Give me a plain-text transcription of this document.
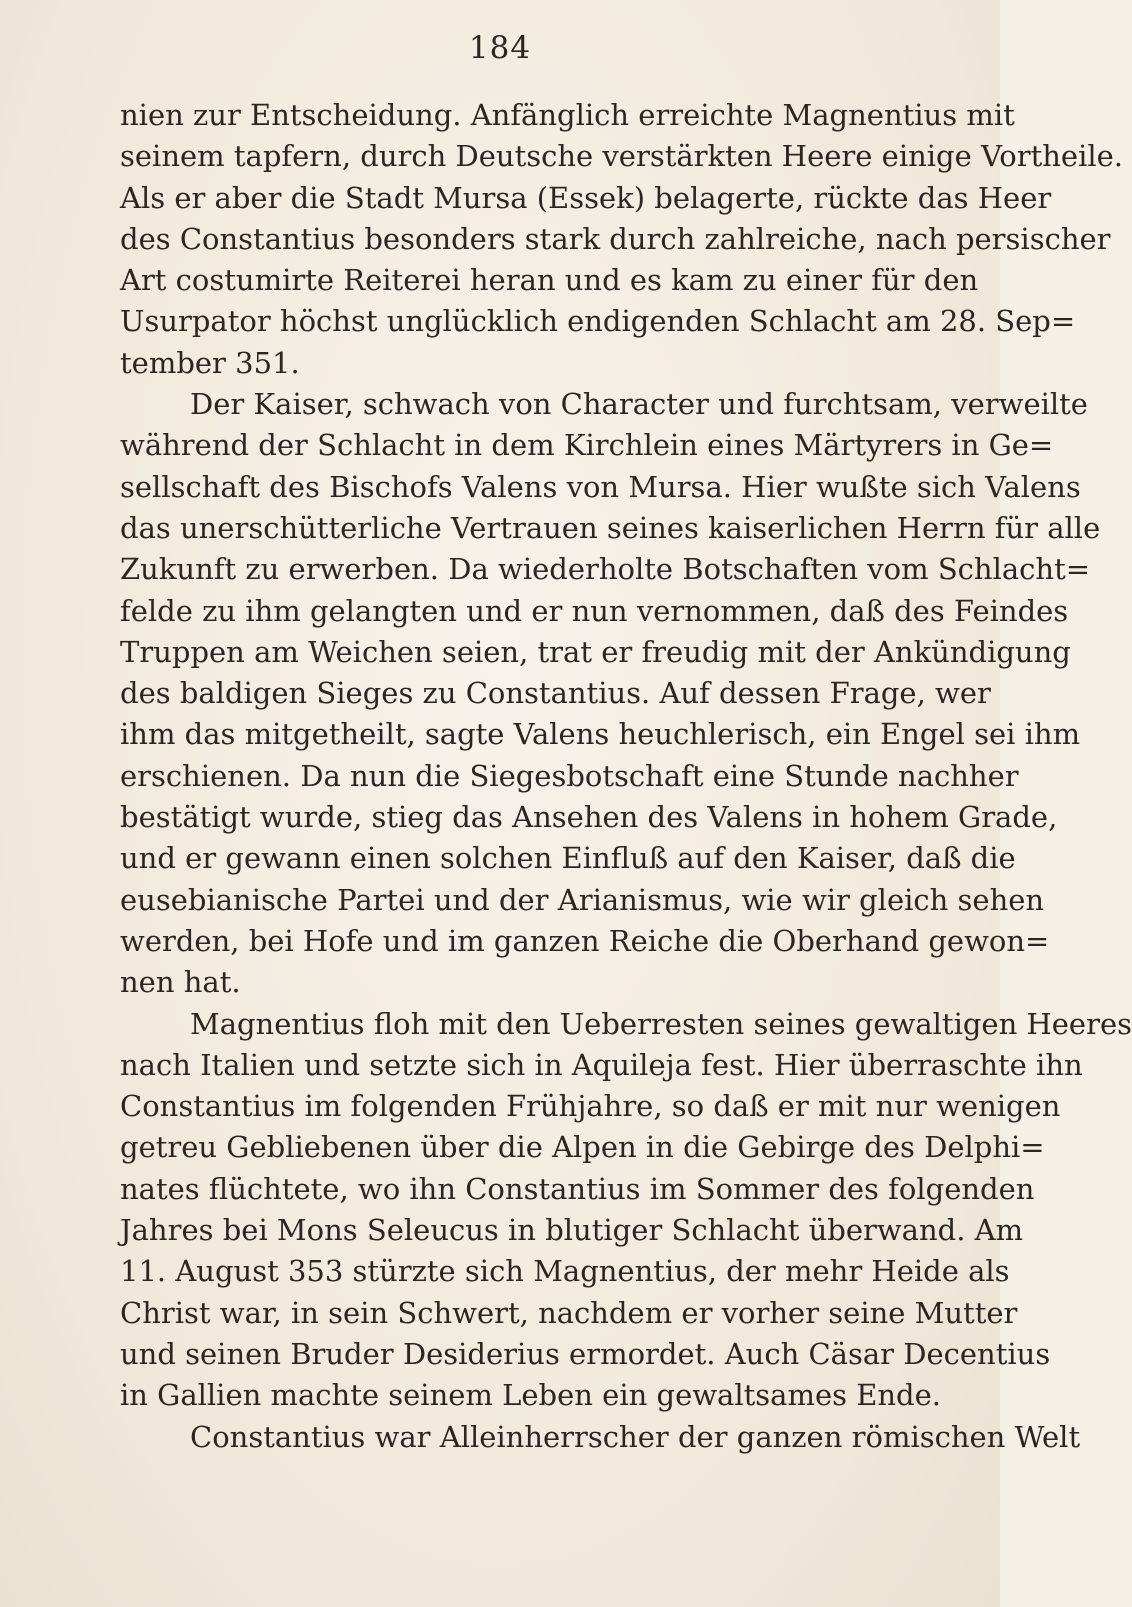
184
nien zur Entscheidung. Anfänglich erreichte Magnentius mit
seinem tapfern, durch Deutsche verstärkten Heere einige Vortheile.
Als er aber die Stadt Mursa (Essek) belagerte, rückte das Heer
des Constantius besonders stark durch zahlreiche, nach persischer
Art costumirte Reiterei heran und es kam zu einer für den
Usurpator höchst unglücklich endigenden Schlacht am 28. Sep=
tember 351.
Der Kaiser, schwach von Character und furchtsam, verweilte
während der Schlacht in dem Kirchlein eines Märtyrers in Ge=
sellschaft des Bischofs Valens von Mursa. Hier wußte sich Valens
das unerschütterliche Vertrauen seines kaiserlichen Herrn für alle
Zukunft zu erwerben. Da wiederholte Botschaften vom Schlacht=
felde zu ihm gelangten und er nun vernommen, daß des Feindes
Truppen am Weichen seien, trat er freudig mit der Ankündigung
des baldigen Sieges zu Constantius. Auf dessen Frage, wer
ihm das mitgetheilt, sagte Valens heuchlerisch, ein Engel sei ihm
erschienen. Da nun die Siegesbotschaft eine Stunde nachher
bestätigt wurde, stieg das Ansehen des Valens in hohem Grade,
und er gewann einen solchen Einfluß auf den Kaiser, daß die
eusebianische Partei und der Arianismus, wie wir gleich sehen
werden, bei Hofe und im ganzen Reiche die Oberhand gewon=
nen hat.
Magnentius floh mit den Ueberresten seines gewaltigen Heeres
nach Italien und setzte sich in Aquileja fest. Hier überraschte ihn
Constantius im folgenden Frühjahre, so daß er mit nur wenigen
getreu Gebliebenen über die Alpen in die Gebirge des Delphi=
nates flüchtete, wo ihn Constantius im Sommer des folgenden
Jahres bei Mons Seleucus in blutiger Schlacht überwand. Am
11. August 353 stürzte sich Magnentius, der mehr Heide als
Christ war, in sein Schwert, nachdem er vorher seine Mutter
und seinen Bruder Desiderius ermordet. Auch Cäsar Decentius
in Gallien machte seinem Leben ein gewaltsames Ende.
Constantius war Alleinherrscher der ganzen römischen Welt
